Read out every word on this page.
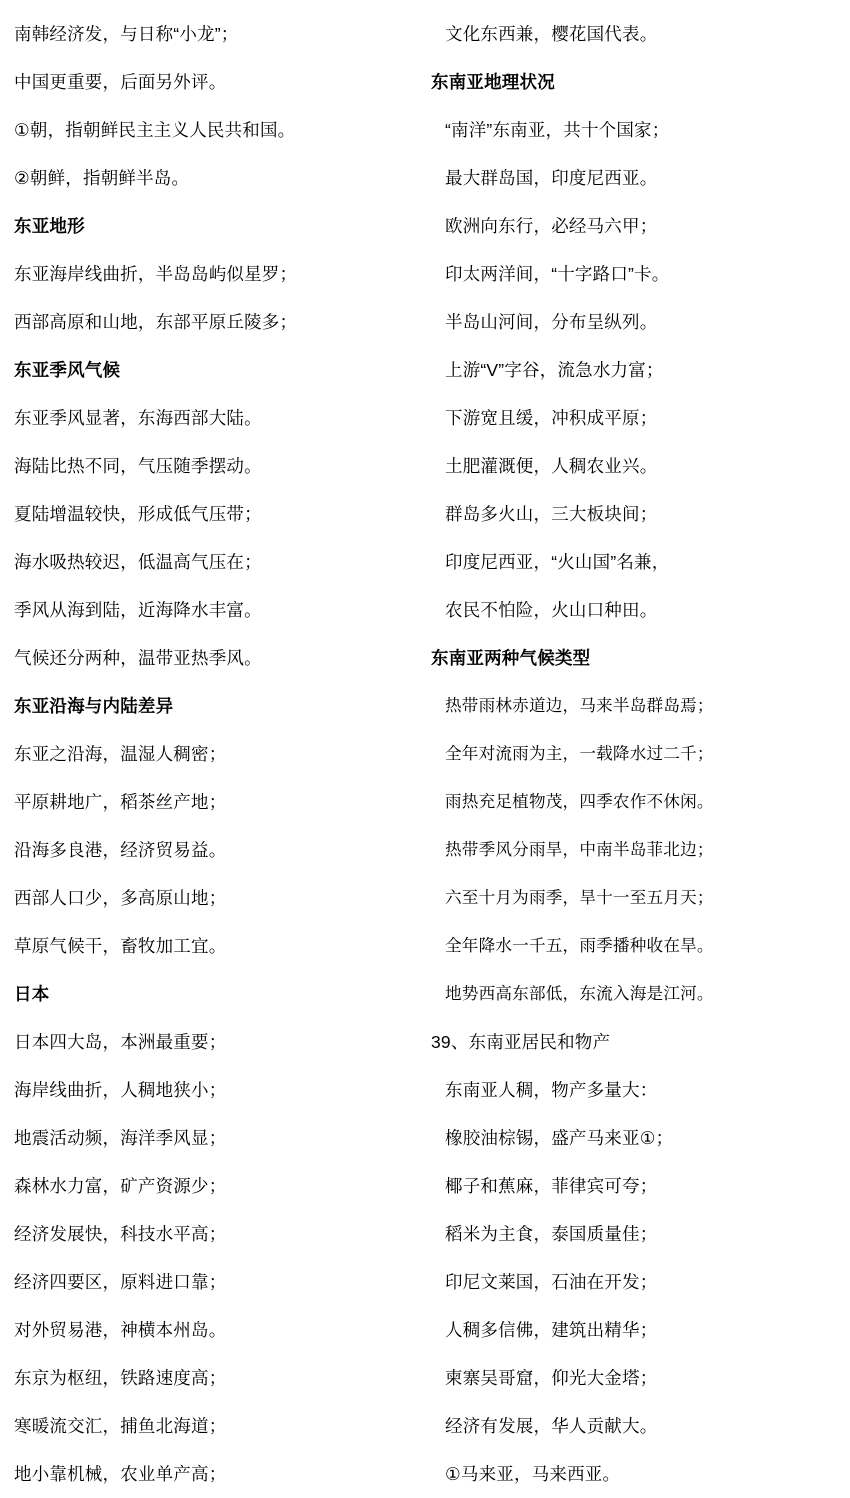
南韩经济发，与日称“小龙”；
中国更重要，后面另外评。
①朝，指朝鲜民主主义人民共和国。
②朝鲜，指朝鲜半岛。
东亚地形
东亚海岸线曲折，半岛岛屿似星罗；
西部高原和山地，东部平原丘陵多；
东亚季风气候
东亚季风显著，东海西部大陆。
海陆比热不同，气压随季摆动。
夏陆增温较快，形成低气压带；
海水吸热较迟，低温高气压在；
季风从海到陆，近海降水丰富。
气候还分两种，温带亚热季风。
东亚沿海与内陆差异
东亚之沿海，温湿人稠密；
平原耕地广，稻茶丝产地；
沿海多良港，经济贸易益。
西部人口少，多高原山地；
草原气候干，畜牧加工宜。
日本
日本四大岛，本洲最重要；
海岸线曲折，人稠地狭小；
地震活动频，海洋季风显；
森林水力富，矿产资源少；
经济发展快，科技水平高；
经济四要区，原料进口靠；
对外贸易港，神横本州岛。
东京为枢纽，铁路速度高；
寒暖流交汇，捕鱼北海道；
地小靠机械，农业单产高；
文化东西兼，樱花国代表。
东南亚地理状况
“南洋”东南亚，共十个国家；
最大群岛国，印度尼西亚。
欧洲向东行，必经马六甲；
印太两洋间，“十字路口”卡。
半岛山河间，分布呈纵列。
上游“V”字谷，流急水力富；
下游宽且缓，冲积成平原；
土肥灌溉便，人稠农业兴。
群岛多火山，三大板块间；
印度尼西亚，“火山国”名兼，
农民不怕险，火山口种田。
东南亚两种气候类型
热带雨林赤道边，马来半岛群岛焉；
全年对流雨为主，一载降水过二千；
雨热充足植物茂，四季农作不休闲。
热带季风分雨旱，中南半岛菲北边；
六至十月为雨季，旱十一至五月天；
全年降水一千五，雨季播种收在旱。
地势西高东部低，东流入海是江河。
39、东南亚居民和物产
东南亚人稠，物产多量大：
橡胶油棕锡，盛产马来亚①；
椰子和蕉麻，菲律宾可夸；
稻米为主食，泰国质量佳；
印尼文莱国，石油在开发；
人稠多信佛，建筑出精华；
柬寨吴哥窟，仰光大金塔；
经济有发展，华人贡献大。
①马来亚，马来西亚。
